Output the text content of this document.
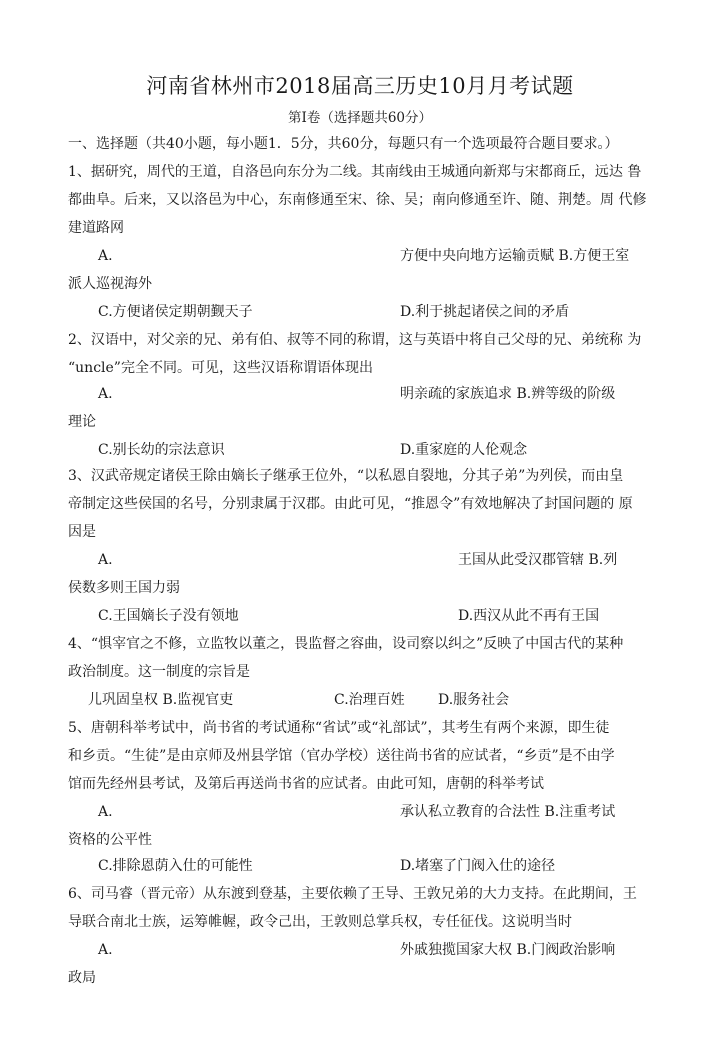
河南省林州市2018届高三历史10月月考试题
第Ⅰ卷（选择题共60分）
一、选择题（共40小题，每小题1．5分，共60分，每题只有一个选项最符合题目要求。）
1、据研究，周代的王道，自洛邑向东分为二线。其南线由王城通向新郑与宋都商丘，远达 鲁
都曲阜。后来，又以洛邑为中心，东南修通至宋、徐、吴；南向修通至许、随、荆楚。周 代修
建道路网
A.	方便中央向地方运输贡赋 B.方便王室
派人巡视海外
C.方便诸侯定期朝觐天子	D.利于挑起诸侯之间的矛盾
2、汉语中，对父亲的兄、弟有伯、叔等不同的称谓，这与英语中将自己父母的兄、弟统称 为
“uncle”完全不同。可见，这些汉语称谓语体现出
A.	明亲疏的家族追求 B.辨等级的阶级
理论
C.别长幼的宗法意识	D.重家庭的人伦观念
3、汉武帝规定诸侯王除由嫡长子继承王位外，“以私恩自裂地，分其子弟”为列侯，而由皇
帝制定这些侯国的名号，分别隶属于汉郡。由此可见，“推恩令”有效地解决了封国问题的 原
因是
A.	王国从此受汉郡管辖 B.列
侯数多则王国力弱
C.王国嫡长子没有领地	D.西汉从此不再有王国
4、“惧宰官之不修，立监牧以董之，畏监督之容曲，设司察以纠之”反映了中国古代的某种
政治制度。这一制度的宗旨是
儿巩固皇权 B.监视官吏	C.治理百姓 D.服务社会
5、唐朝科举考试中，尚书省的考试通称“省试”或“礼部试”，其考生有两个来源，即生徒
和乡贡。“生徒”是由京师及州县学馆（官办学校）送往尚书省的应试者，“乡贡”是不由学
馆而先经州县考试，及第后再送尚书省的应试者。由此可知，唐朝的科举考试
A.	承认私立教育的合法性 B.注重考试
资格的公平性
C.排除恩荫入仕的可能性	D.堵塞了门阀入仕的途径
6、司马睿（晋元帝）从东渡到登基，主要依赖了王导、王敦兄弟的大力支持。在此期间，王
导联合南北士族，运筹帷幄，政令己出，王敦则总掌兵权，专任征伐。这说明当时
A.	外戚独揽国家大权 B.门阀政治影响
政局
